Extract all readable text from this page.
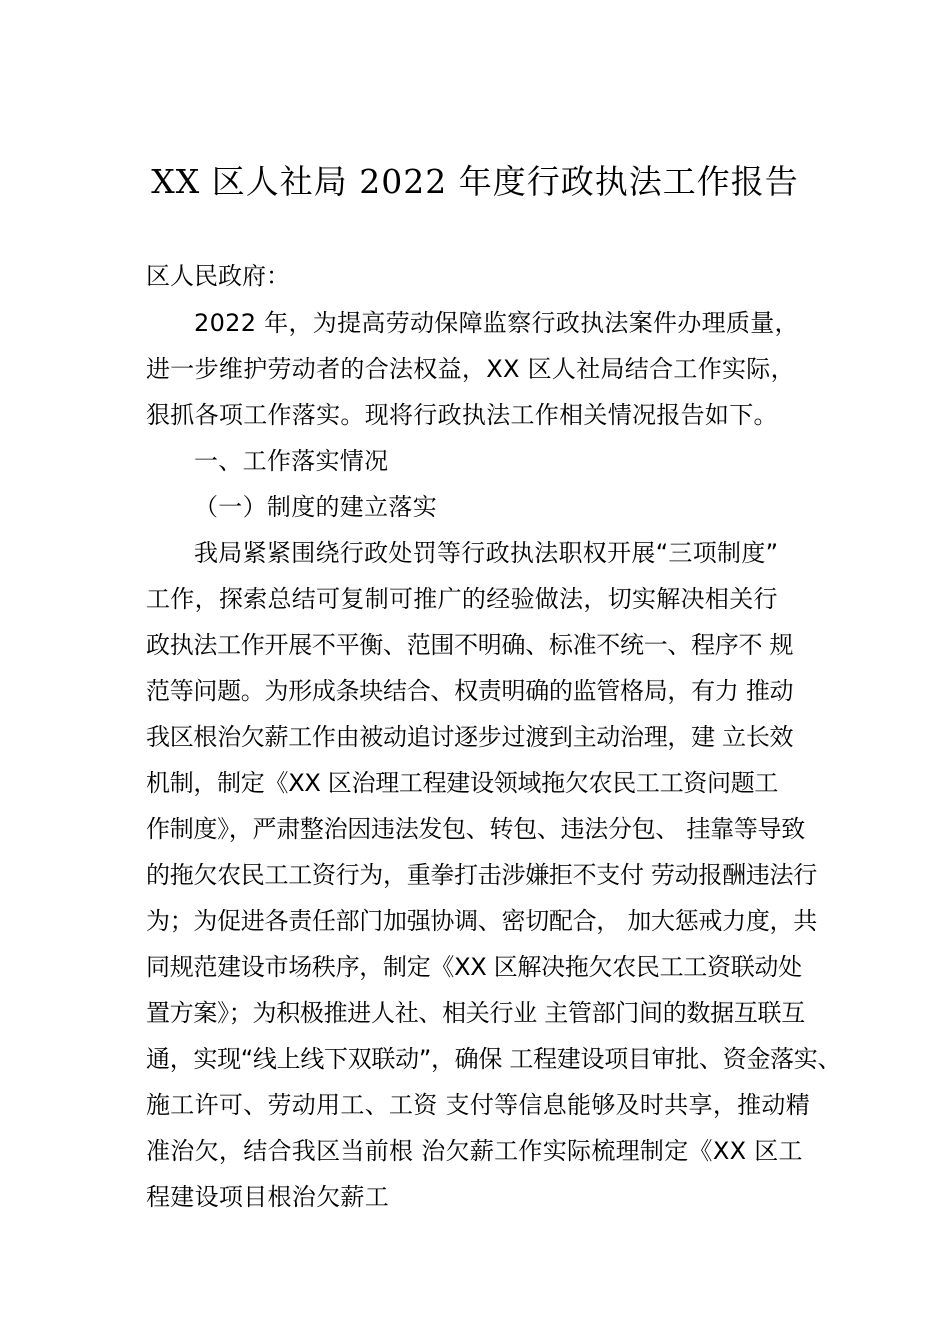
XX 区人社局 2022 年度行政执法工作报告
区人民政府：
2022 年，为提高劳动保障监察行政执法案件办理质量，
进一步维护劳动者的合法权益，XX 区人社局结合工作实际，
狠抓各项工作落实。现将行政执法工作相关情况报告如下。
一、工作落实情况
（一）制度的建立落实
我局紧紧围绕行政处罚等行政执法职权开展“三项制度”
工作，探索总结可复制可推广的经验做法，切实解决相关行
政执法工作开展不平衡、范围不明确、标准不统一、程序不 规
范等问题。为形成条块结合、权责明确的监管格局，有力 推动
我区根治欠薪工作由被动追讨逐步过渡到主动治理，建 立长效
机制，制定《XX 区治理工程建设领域拖欠农民工工资问题工
作制度》，严肃整治因违法发包、转包、违法分包、 挂靠等导致
的拖欠农民工工资行为，重拳打击涉嫌拒不支付 劳动报酬违法行
为；为促进各责任部门加强协调、密切配合， 加大惩戒力度，共
同规范建设市场秩序，制定《XX 区解决拖欠农民工工资联动处
置方案》；为积极推进人社、相关行业 主管部门间的数据互联互
通，实现“线上线下双联动”，确保 工程建设项目审批、资金落实、
施工许可、劳动用工、工资 支付等信息能够及时共享，推动精
准治欠，结合我区当前根 治欠薪工作实际梳理制定《XX 区工
程建设项目根治欠薪工
